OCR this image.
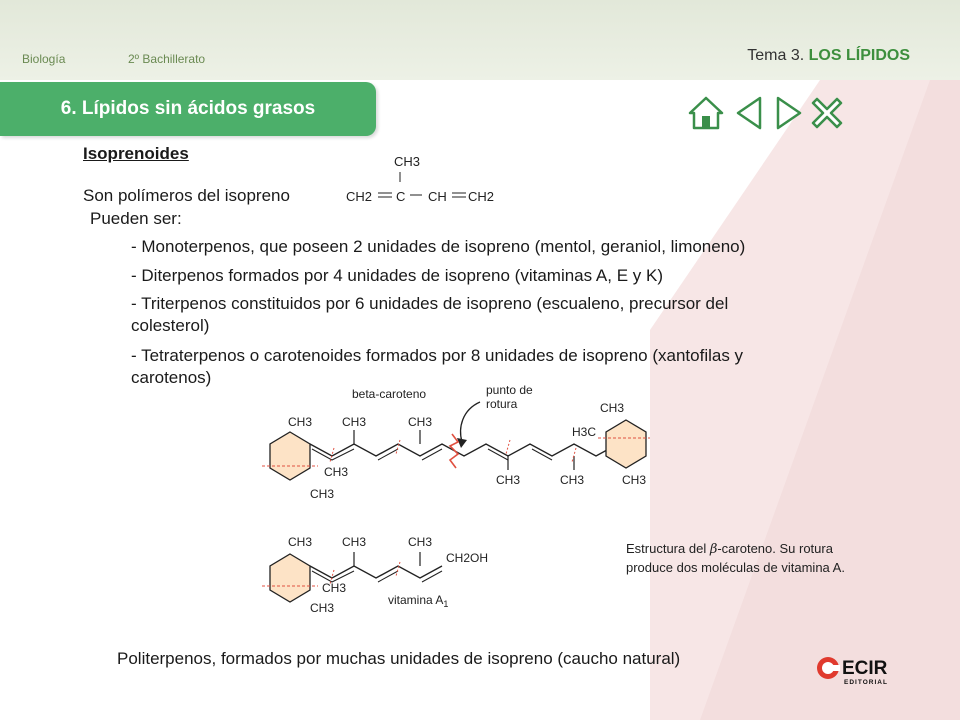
Biología	2º Bachillerato	Tema 3. LOS LÍPIDOS
6. Lípidos sin ácidos grasos
Isoprenoides
Son polímeros del isopreno
Pueden ser:
- Monoterpenos, que poseen 2 unidades de isopreno (mentol, geraniol, limoneno)
- Diterpenos formados por 4 unidades de isopreno (vitaminas A, E y K)
- Triterpenos constituidos por 6 unidades de isopreno (escualeno, precursor del
colesterol)
- Tetraterpenos o carotenoides formados por 8 unidades de isopreno (xantofilas y
carotenos)
Politerpenos, formados por muchas unidades de isopreno (caucho natural)
CH3
CH2 C CH CH2
beta-caroteno	punto de
rotura
CH3
CH3
CH3
CH3	CH3
CH3	CH3
CH3
H3C
CH3
CH3
CH3
CH3
CH3	CH3
CH2OH
vitamina $A_1$
Estructura del β-caroteno. Su rotura
produce dos moléculas de vitamina A.
ECIR
EDITORIAL
